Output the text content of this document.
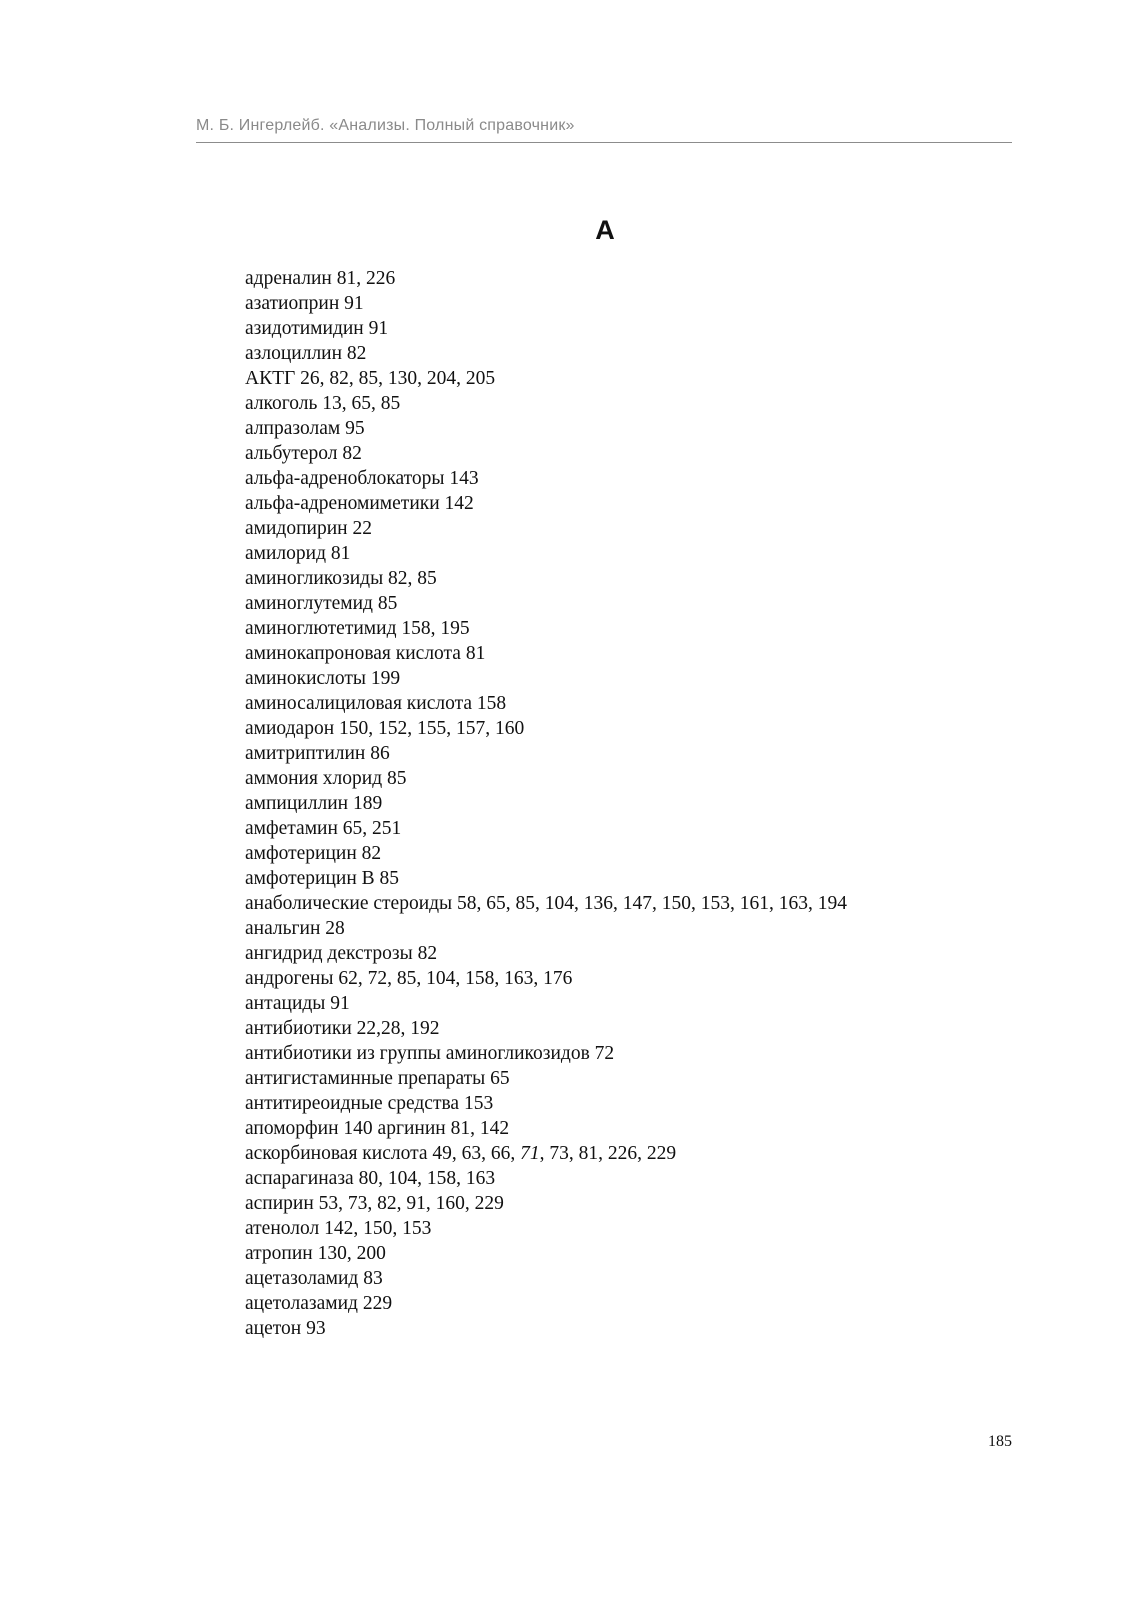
М. Б. Ингерлейб. «Анализы. Полный справочник»
А
адреналин 81, 226
азатиоприн 91
азидотимидин 91
азлоциллин 82
АКТГ 26, 82, 85, 130, 204, 205
алкоголь 13, 65, 85
алпразолам 95
альбутерол 82
альфа-адреноблокаторы 143
альфа-адреномиметики 142
амидопирин 22
амилорид 81
аминогликозиды 82, 85
аминоглутемид 85
аминоглютетимид 158, 195
аминокапроновая кислота 81
аминокислоты 199
аминосалициловая кислота 158
амиодарон 150, 152, 155, 157, 160
амитриптилин 86
аммония хлорид 85
ампициллин 189
амфетамин 65, 251
амфотерицин 82
амфотерицин В 85
анаболические стероиды 58, 65, 85, 104, 136, 147, 150, 153, 161, 163, 194
анальгин 28
ангидрид декстрозы 82
андрогены 62, 72, 85, 104, 158, 163, 176
антациды 91
антибиотики 22,28, 192
антибиотики из группы аминогликозидов 72
антигистаминные препараты 65
антитиреоидные средства 153
апоморфин 140 аргинин 81, 142
аскорбиновая кислота 49, 63, 66, 71, 73, 81, 226, 229
аспарагиназа 80, 104, 158, 163
аспирин 53, 73, 82, 91, 160, 229
атенолол 142, 150, 153
атропин 130, 200
ацетазоламид 83
ацетолазамид 229
ацетон 93
185
